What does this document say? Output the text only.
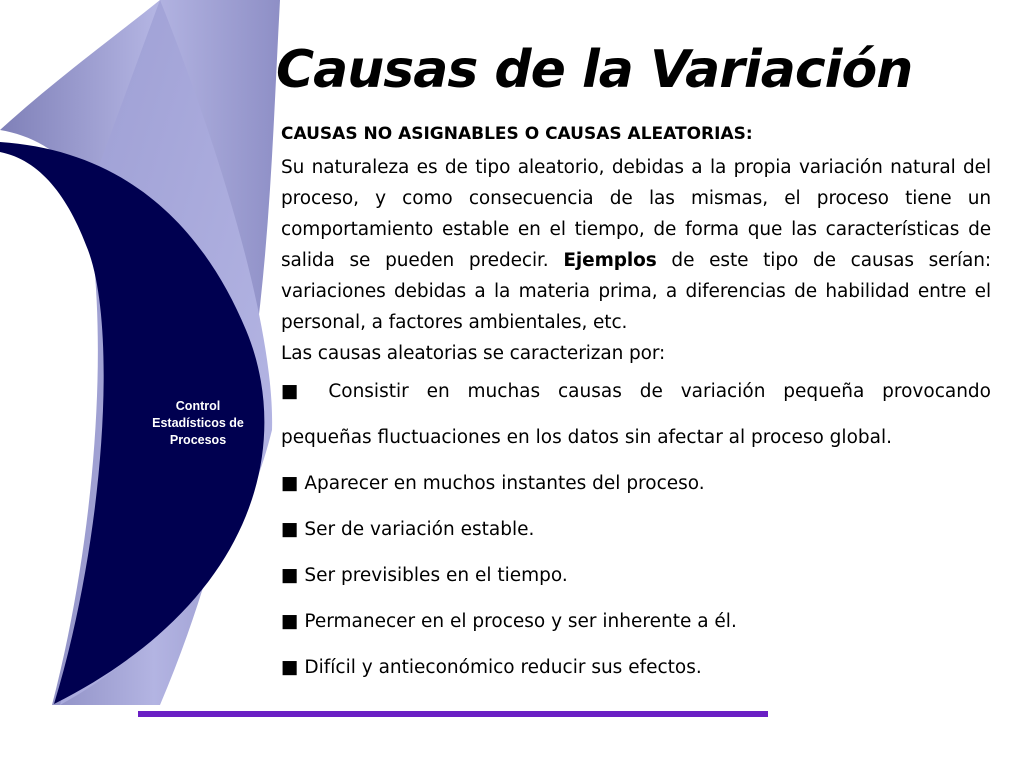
Control
Estadísticos de
Procesos
Causas de la Variación

CAUSAS NO ASIGNABLES O CAUSAS ALEATORIAS:

Su naturaleza es de tipo aleatorio, debidas a la propia variación natural del proceso, y como consecuencia de las mismas, el proceso tiene un comportamiento estable en el tiempo, de forma que las características de salida se pueden predecir. Ejemplos de este tipo de causas serían: variaciones debidas a la materia prima, a diferencias de habilidad entre el personal, a factores ambientales, etc.

Las causas aleatorias se caracterizan por:

■ Consistir en muchas causas de variación pequeña provocando
pequeñas fluctuaciones en los datos sin afectar al proceso global.
■ Aparecer en muchos instantes del proceso.
■ Ser de variación estable.
■ Ser previsibles en el tiempo.
■ Permanecer en el proceso y ser inherente a él.
■ Difícil y antieconómico reducir sus efectos.
